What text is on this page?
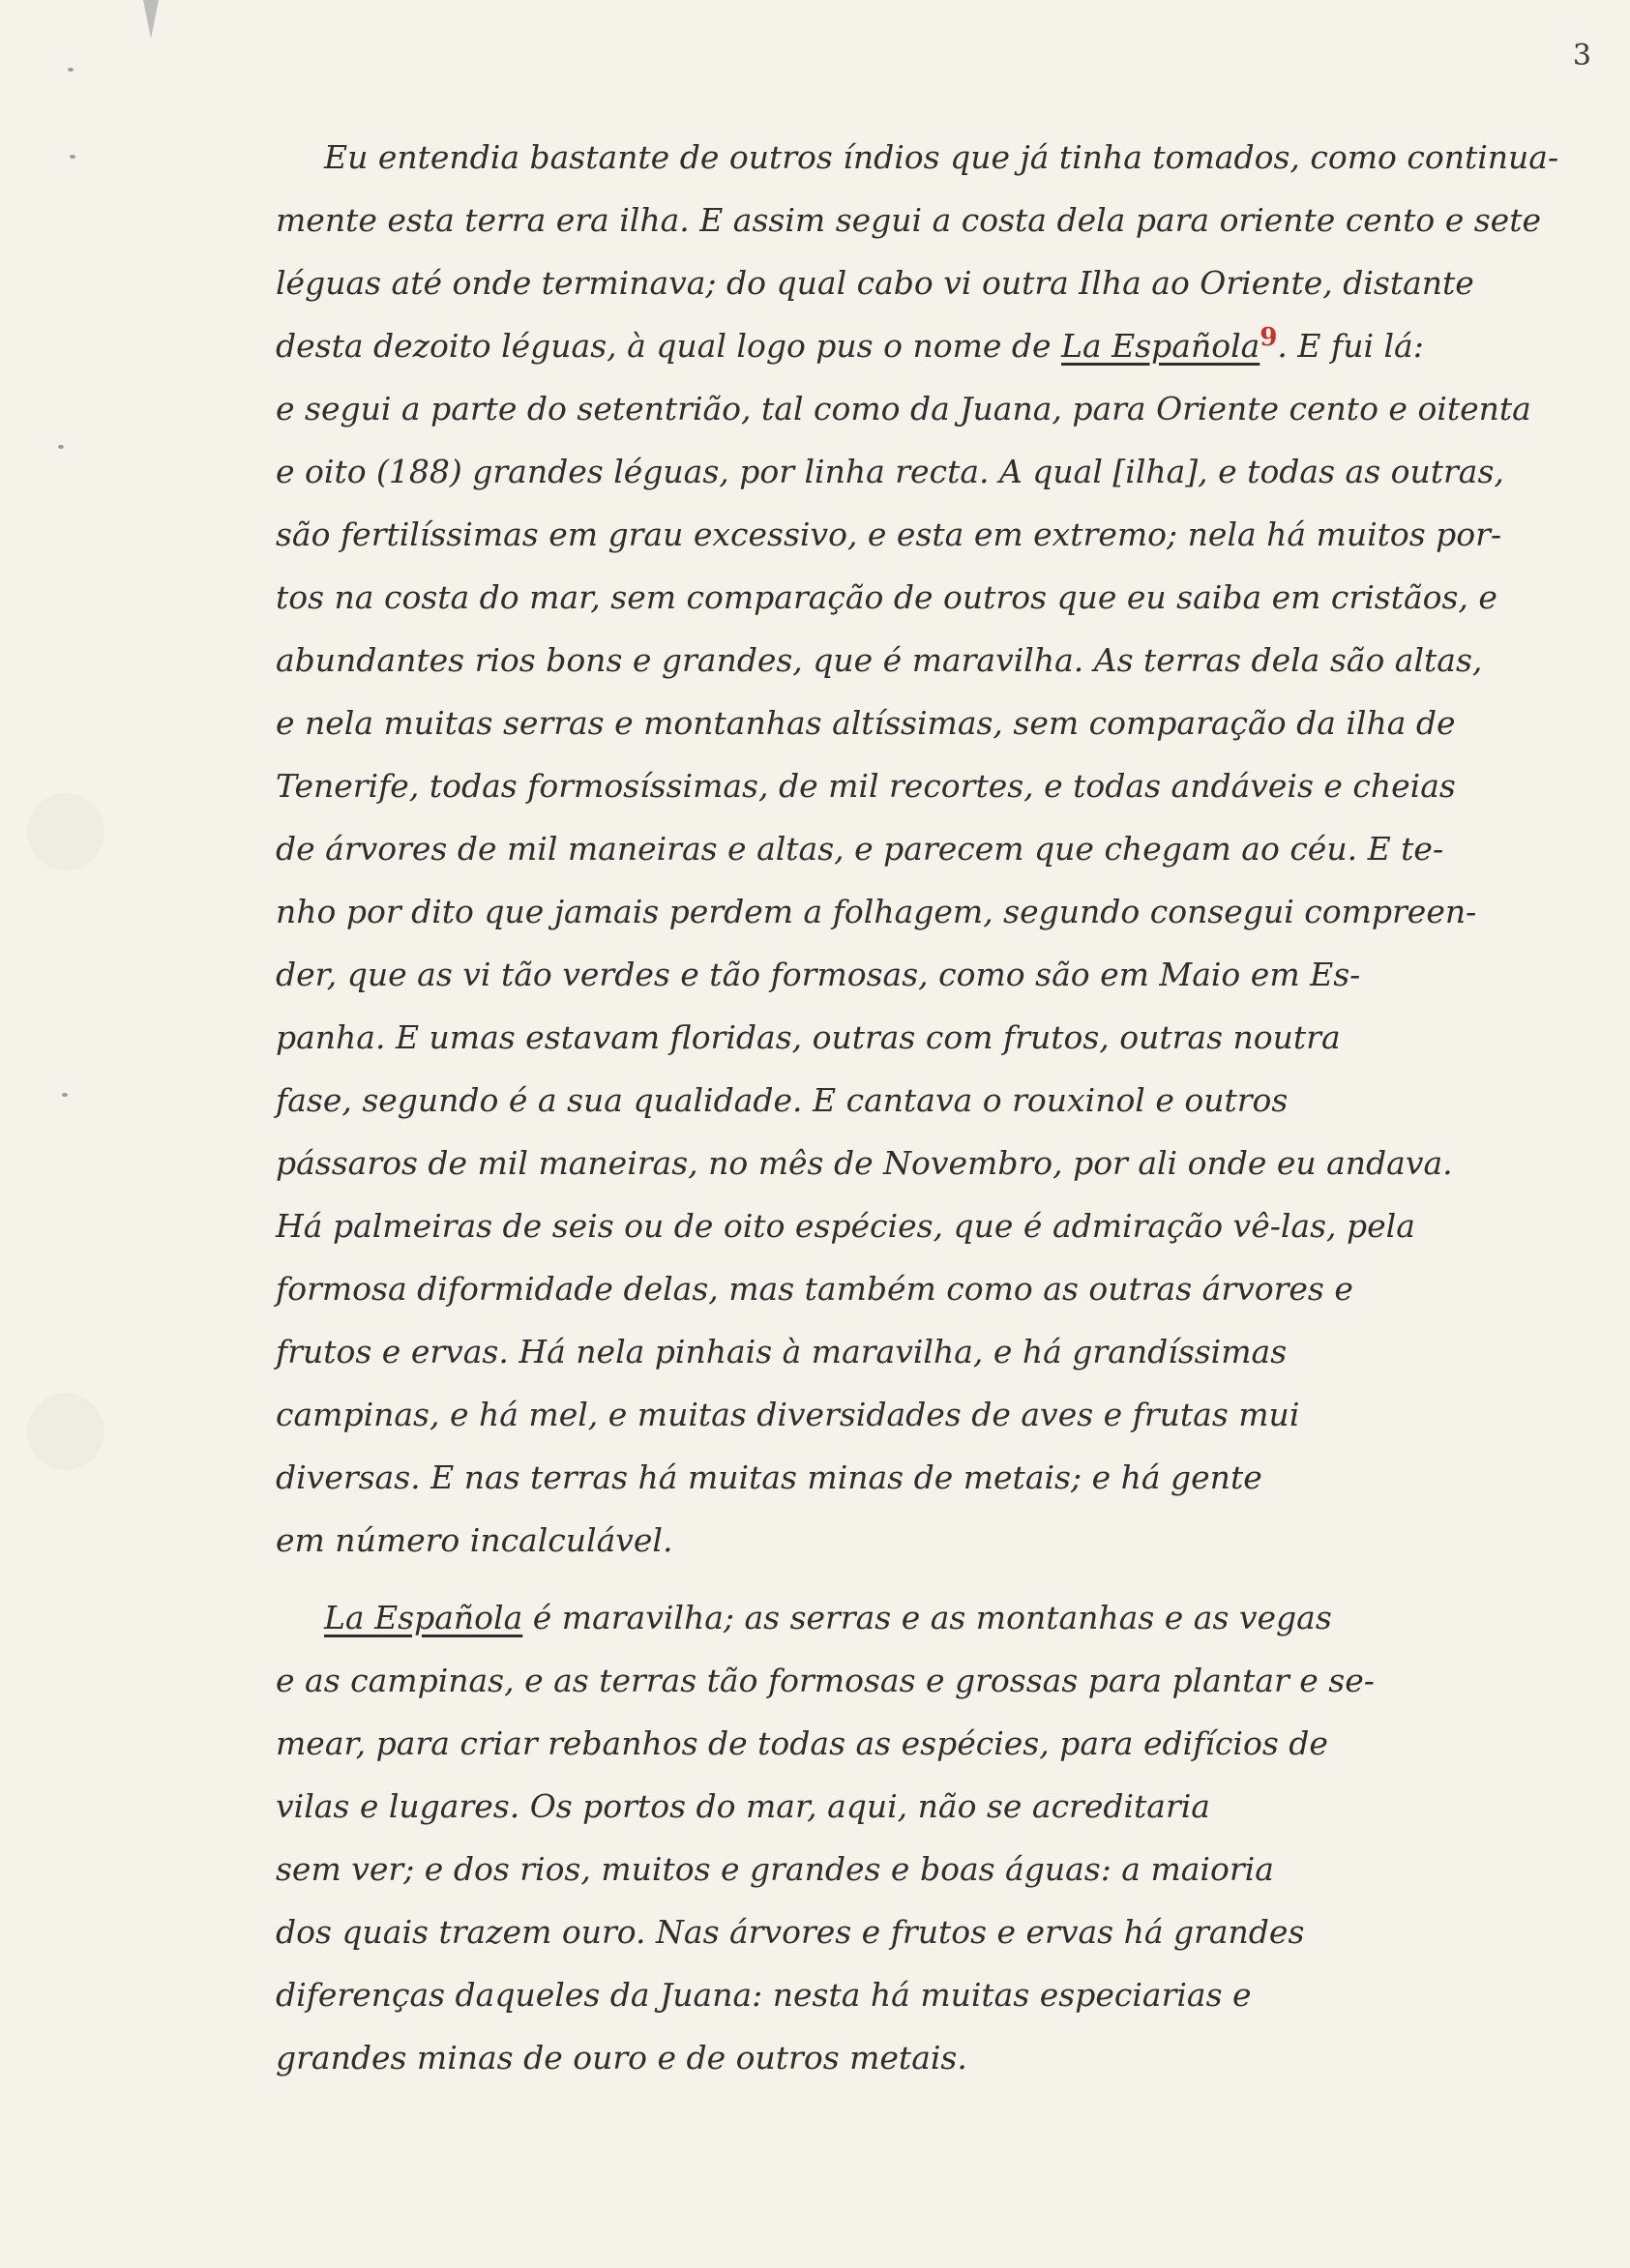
3
Eu entendia bastante de outros índios que já tinha tomados, como continua-
mente esta terra era ilha. E assim segui a costa dela para oriente cento e sete
léguas até onde terminava; do qual cabo vi outra Ilha ao Oriente, distante
desta dezoito léguas, à qual logo pus o nome de La Española$^9$. E fui lá:
e segui a parte do setentrião, tal como da Juana, para Oriente cento e oitenta
e oito (188) grandes léguas, por linha recta. A qual [ilha], e todas as outras,
são fertilíssimas em grau excessivo, e esta em extremo; nela há muitos por-
tos na costa do mar, sem comparação de outros que eu saiba em cristãos, e
abundantes rios bons e grandes, que é maravilha. As terras dela são altas,
e nela muitas serras e montanhas altíssimas, sem comparação da ilha de
Tenerife, todas formosíssimas, de mil recortes, e todas andáveis e cheias
de árvores de mil maneiras e altas, e parecem que chegam ao céu. E te-
nho por dito que jamais perdem a folhagem, segundo consegui compreen-
der, que as vi tão verdes e tão formosas, como são em Maio em Es-
panha. E umas estavam floridas, outras com frutos, outras noutra
fase, segundo é a sua qualidade. E cantava o rouxinol e outros
pássaros de mil maneiras, no mês de Novembro, por ali onde eu andava.
Há palmeiras de seis ou de oito espécies, que é admiração vê-las, pela
formosa diformidade delas, mas também como as outras árvores e
frutos e ervas. Há nela pinhais à maravilha, e há grandíssimas
campinas, e há mel, e muitas diversidades de aves e frutas mui
diversas. E nas terras há muitas minas de metais; e há gente
em número incalculável.
La Española é maravilha; as serras e as montanhas e as vegas
e as campinas, e as terras tão formosas e grossas para plantar e se-
mear, para criar rebanhos de todas as espécies, para edifícios de
vilas e lugares. Os portos do mar, aqui, não se acreditaria
sem ver; e dos rios, muitos e grandes e boas águas: a maioria
dos quais trazem ouro. Nas árvores e frutos e ervas há grandes
diferenças daqueles da Juana: nesta há muitas especiarias e
grandes minas de ouro e de outros metais.
